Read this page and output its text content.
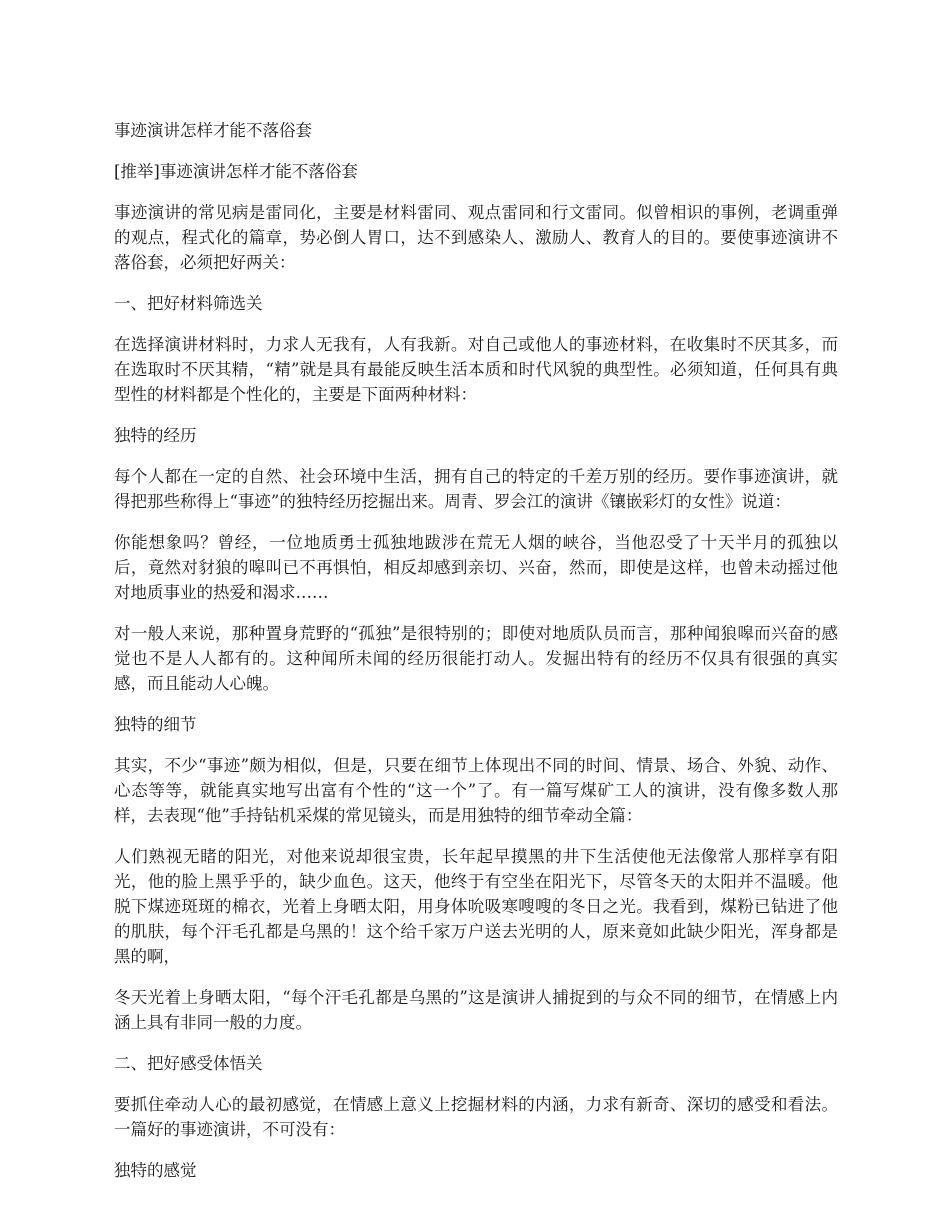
事迹演讲怎样才能不落俗套
[推举]事迹演讲怎样才能不落俗套
事迹演讲的常见病是雷同化，主要是材料雷同、观点雷同和行文雷同。似曾相识的事例，老调重弹的观点，程式化的篇章，势必倒人胃口，达不到感染人、激励人、教育人的目的。要使事迹演讲不落俗套，必须把好两关：
一、把好材料筛选关
在选择演讲材料时，力求人无我有，人有我新。对自己或他人的事迹材料，在收集时不厌其多，而在选取时不厌其精，“精”就是具有最能反映生活本质和时代风貌的典型性。必须知道，任何具有典型性的材料都是个性化的，主要是下面两种材料：
独特的经历
每个人都在一定的自然、社会环境中生活，拥有自己的特定的千差万别的经历。要作事迹演讲，就得把那些称得上“事迹”的独特经历挖掘出来。周青、罗会江的演讲《镶嵌彩灯的女性》说道：
你能想象吗？曾经，一位地质勇士孤独地跋涉在荒无人烟的峡谷，当他忍受了十天半月的孤独以后，竟然对豺狼的嗥叫已不再惧怕，相反却感到亲切、兴奋，然而，即使是这样，也曾未动摇过他对地质事业的热爱和渴求……
对一般人来说，那种置身荒野的“孤独”是很特别的；即使对地质队员而言，那种闻狼嗥而兴奋的感觉也不是人人都有的。这种闻所未闻的经历很能打动人。发掘出特有的经历不仅具有很强的真实感，而且能动人心魄。
独特的细节
其实，不少“事迹”颇为相似，但是，只要在细节上体现出不同的时间、情景、场合、外貌、动作、心态等等，就能真实地写出富有个性的“这一个”了。有一篇写煤矿工人的演讲，没有像多数人那样，去表现“他”手持钻机采煤的常见镜头，而是用独特的细节牵动全篇：
人们熟视无睹的阳光，对他来说却很宝贵，长年起早摸黑的井下生活使他无法像常人那样享有阳光，他的脸上黑乎乎的，缺少血色。这天，他终于有空坐在阳光下，尽管冬天的太阳并不温暖。他脱下煤迹斑斑的棉衣，光着上身晒太阳，用身体吮吸寒嗖嗖的冬日之光。我看到，煤粉已钻进了他的肌肤，每个汗毛孔都是乌黑的！这个给千家万户送去光明的人，原来竟如此缺少阳光，浑身都是黑的啊，
冬天光着上身晒太阳，“每个汗毛孔都是乌黑的”这是演讲人捕捉到的与众不同的细节，在情感上内涵上具有非同一般的力度。
二、把好感受体悟关
要抓住牵动人心的最初感觉，在情感上意义上挖掘材料的内涵，力求有新奇、深切的感受和看法。一篇好的事迹演讲，不可没有：
独特的感觉
